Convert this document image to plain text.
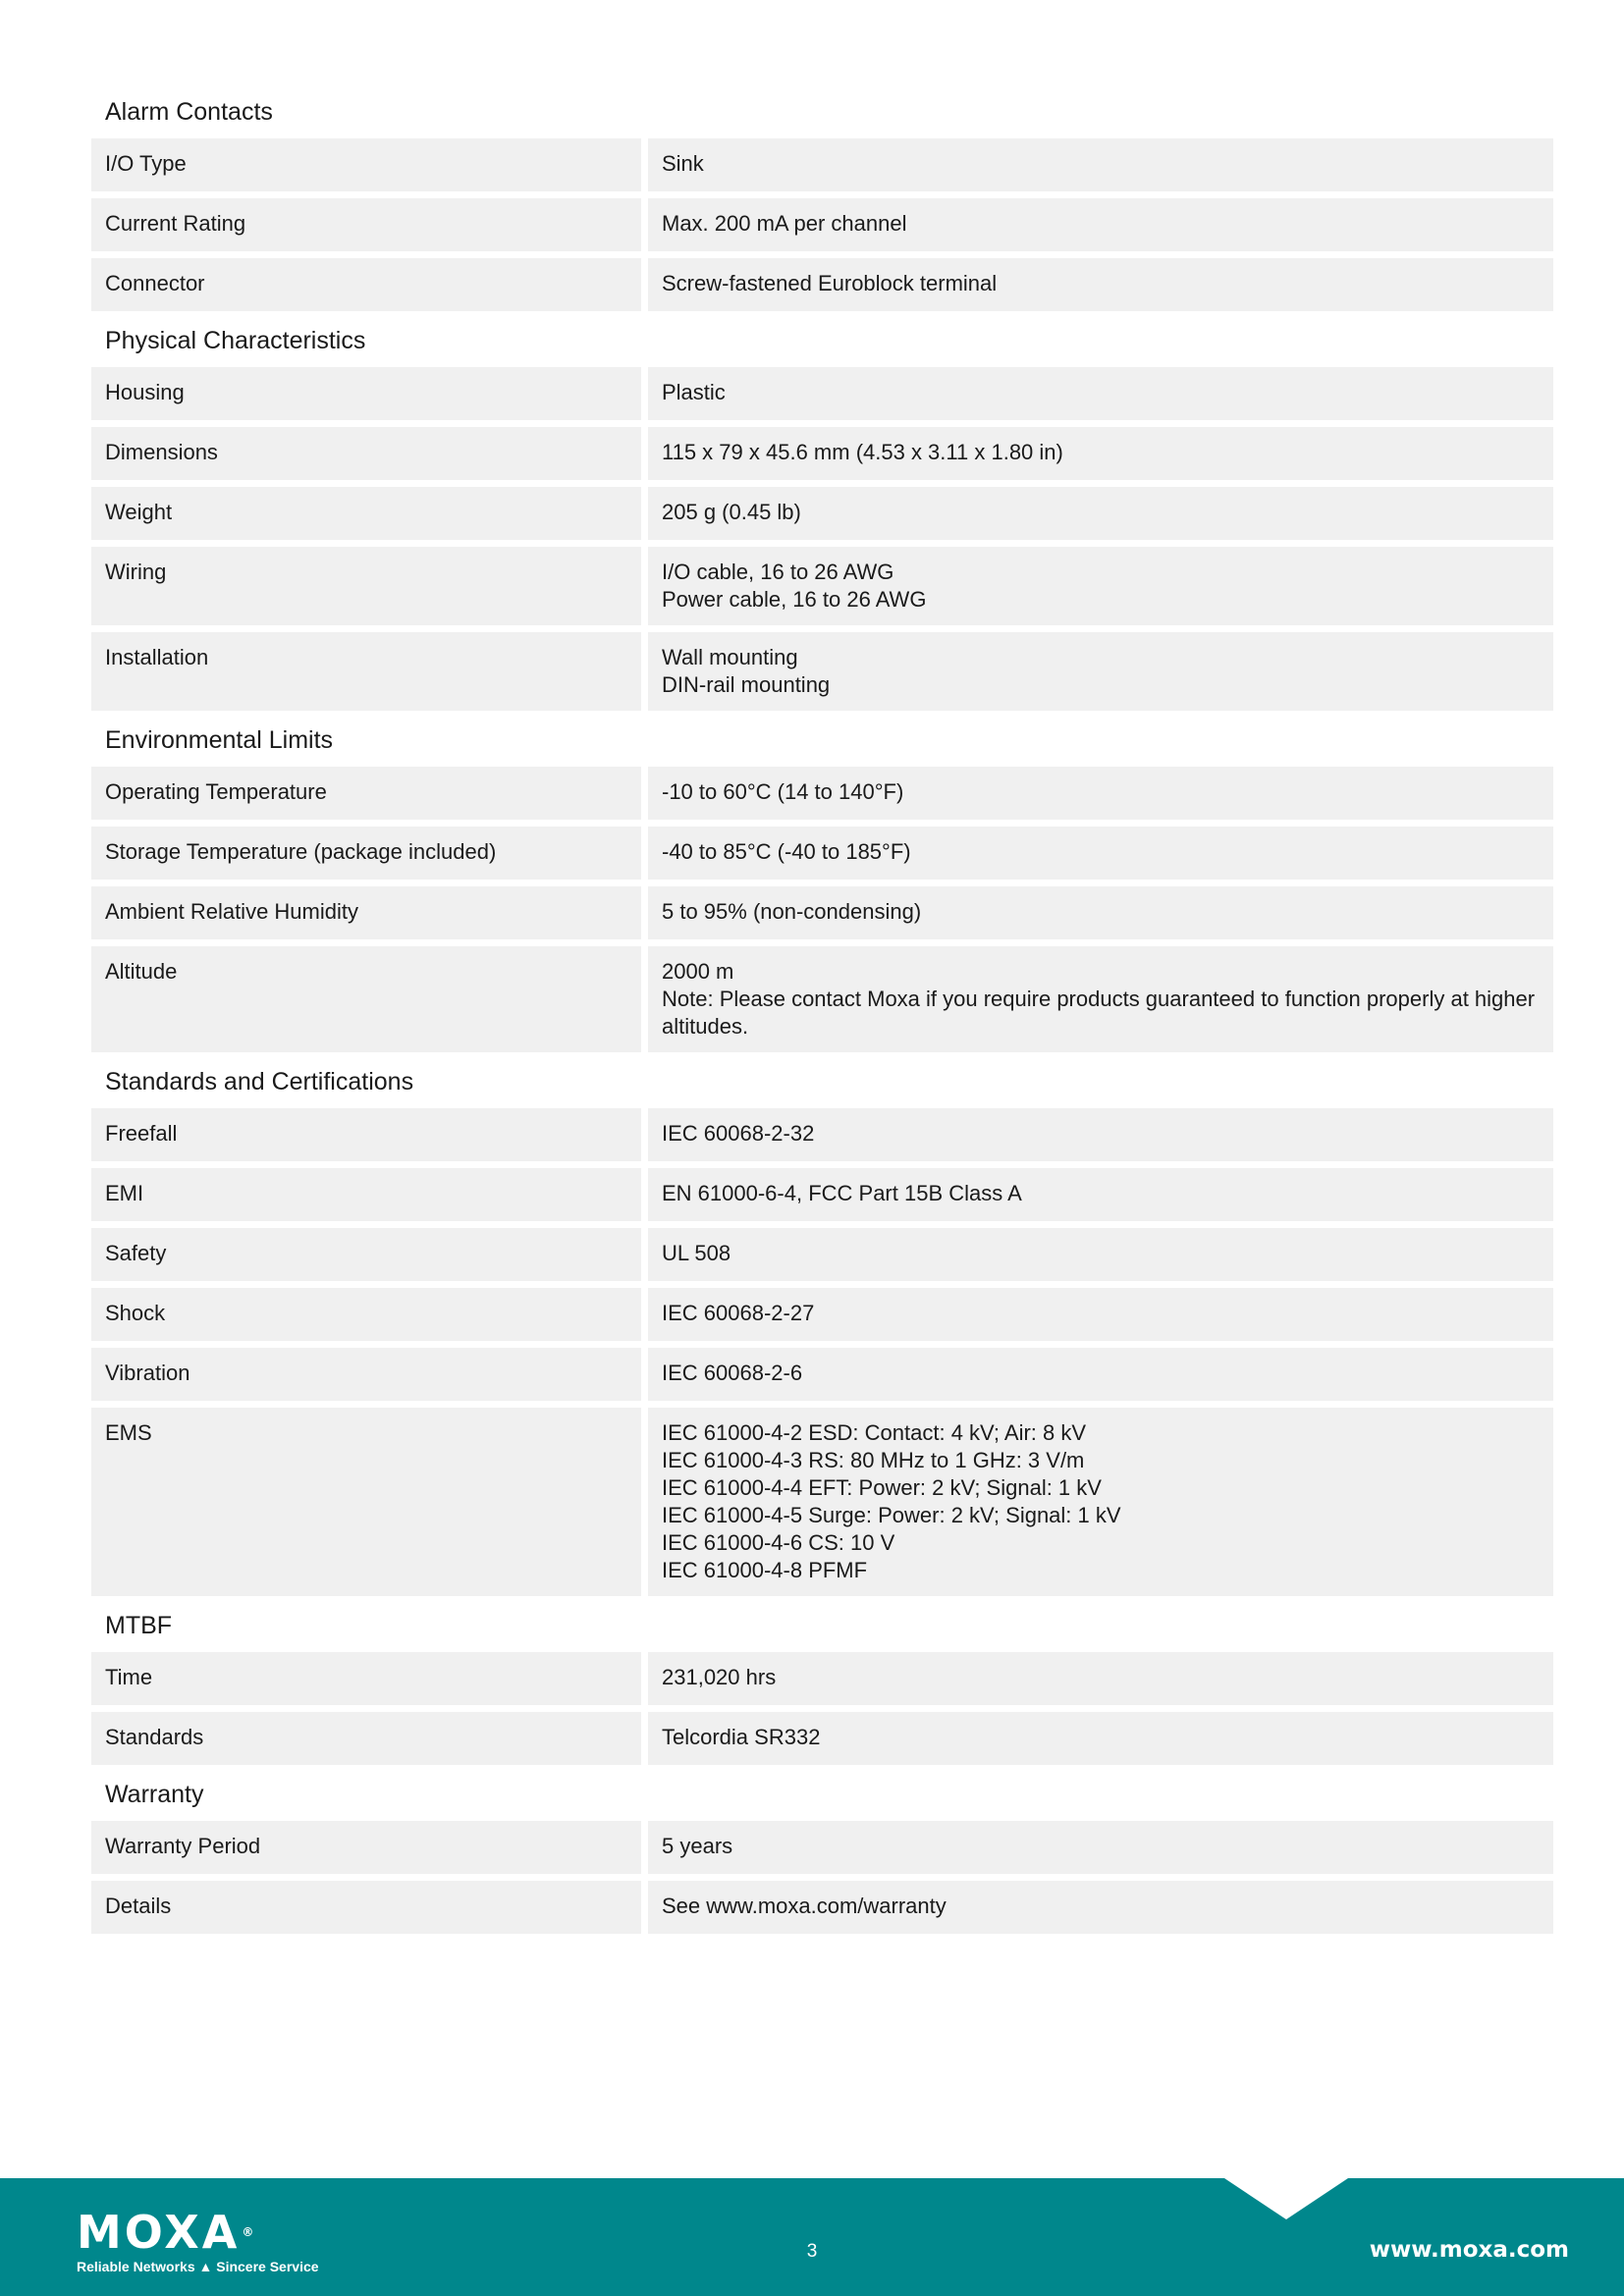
Alarm Contacts
I/O Type	Sink
Current Rating	Max. 200 mA per channel
Connector	Screw-fastened Euroblock terminal
Physical Characteristics
Housing	Plastic
Dimensions	115 x 79 x 45.6 mm (4.53 x 3.11 x 1.80 in)
Weight	205 g (0.45 lb)
Wiring	I/O cable, 16 to 26 AWG
Power cable, 16 to 26 AWG
Installation	Wall mounting
DIN-rail mounting
Environmental Limits
Operating Temperature	-10 to 60°C (14 to 140°F)
Storage Temperature (package included)	-40 to 85°C (-40 to 185°F)
Ambient Relative Humidity	5 to 95% (non-condensing)
Altitude	2000 m
Note: Please contact Moxa if you require products guaranteed to function properly at higher altitudes.
Standards and Certifications
Freefall	IEC 60068-2-32
EMI	EN 61000-6-4, FCC Part 15B Class A
Safety	UL 508
Shock	IEC 60068-2-27
Vibration	IEC 60068-2-6
EMS	IEC 61000-4-2 ESD: Contact: 4 kV; Air: 8 kV
IEC 61000-4-3 RS: 80 MHz to 1 GHz: 3 V/m
IEC 61000-4-4 EFT: Power: 2 kV; Signal: 1 kV
IEC 61000-4-5 Surge: Power: 2 kV; Signal: 1 kV
IEC 61000-4-6 CS: 10 V
IEC 61000-4-8 PFMF
MTBF
Time	231,020 hrs
Standards	Telcordia SR332
Warranty
Warranty Period	5 years
Details	See www.moxa.com/warranty
MOXA ®
Reliable Networks ▲ Sincere Service
3	www.moxa.com
